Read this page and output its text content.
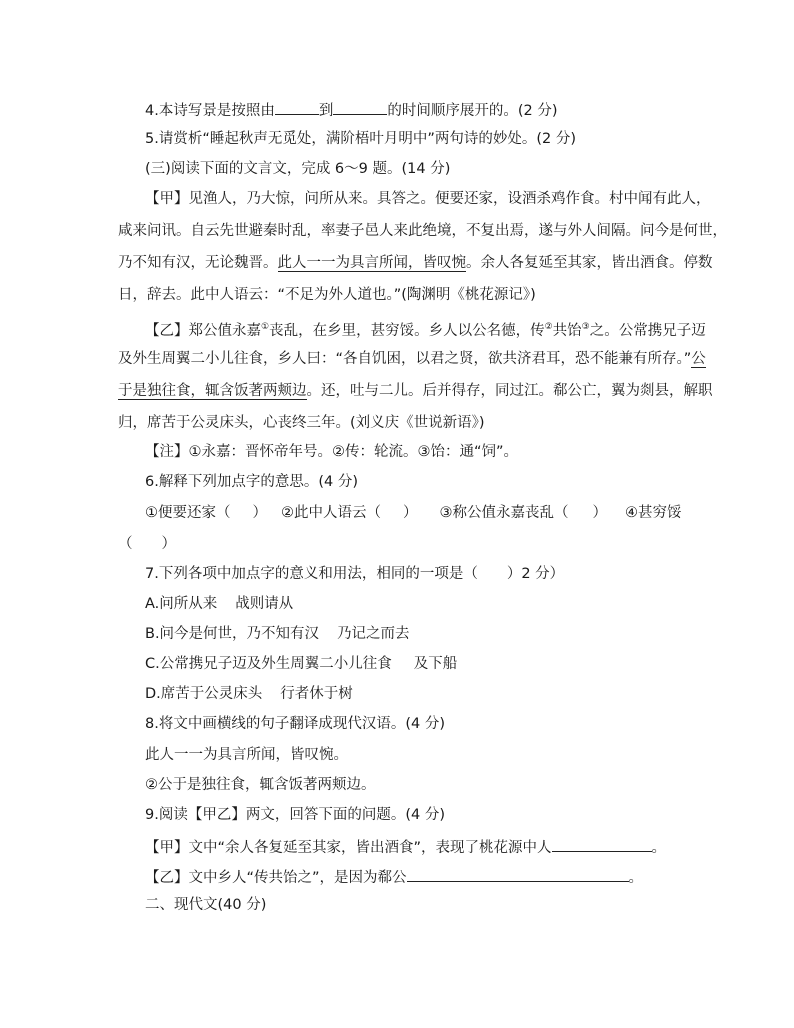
4.本诗写景是按照由	到	的时间顺序展开的。(2 分)
5.请赏析“睡起秋声无觅处，满阶梧叶月明中”两句诗的妙处。(2 分)
(三)阅读下面的文言文，完成 6～9 题。(14 分)
【甲】见渔人，乃大惊，问所从来。具答之。便要还家，设酒杀鸡作食。村中闻有此人，
咸来问讯。自云先世避秦时乱，率妻子邑人来此绝境，不复出焉，遂与外人间隔。问今是何世，
乃不知有汉，无论魏晋。此人一一为具言所闻，皆叹惋。余人各复延至其家，皆出酒食。停数
日，辞去。此中人语云：“不足为外人道也。”(陶渊明《桃花源记》)
【乙】郑公值永嘉①丧乱，在乡里，甚穷馁。乡人以公名德，传②共饴③之。公常携兄子迈
及外生周翼二小儿往食，乡人曰：“各自饥困，以君之贤，欲共济君耳，恐不能兼有所存。”公
于是独往食，辄含饭著两颊边。还，吐与二儿。后并得存，同过江。郗公亡，翼为剡县，解职
归，席苦于公灵床头，心丧终三年。(刘义庆《世说新语》)
【注】①永嘉：晋怀帝年号。②传：轮流。③饴：通“饲”。
6.解释下列加点字的意思。(4 分)
①便要还家（ ） ②此中人语云（ ） ③称公值永嘉丧乱（ ） ④甚穷馁
（　　）
7.下列各项中加点字的意义和用法，相同的一项是（　　）2 分）
A.问所从来 战则请从
B.问今是何世，乃不知有汉 乃记之而去
C.公常携兄子迈及外生周翼二小儿往食 及下船
D.席苦于公灵床头 行者休于树
8.将文中画横线的句子翻译成现代汉语。(4 分)
此人一一为具言所闻，皆叹惋。
②公于是独往食，辄含饭著两颊边。
9.阅读【甲乙】两文，回答下面的问题。(4 分)
【甲】文中“余人各复延至其家，皆出酒食”，表现了桃花源中人	。
【乙】文中乡人“传共饴之”，是因为郗公	。
二、现代文(40 分)
